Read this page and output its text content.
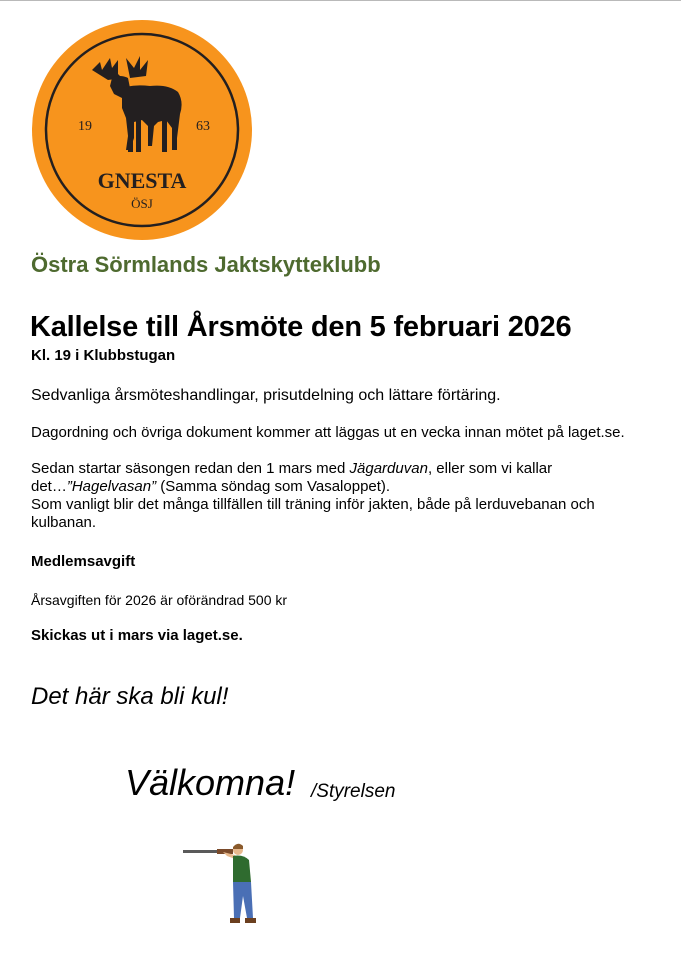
19	63
GNESTA
ÖSJ
Östra Sörmlands Jaktskytteklubb
Kallelse till Årsmöte den 5 februari 2026
Kl. 19 i Klubbstugan
Sedvanliga årsmöteshandlingar, prisutdelning och lättare förtäring.
Dagordning och övriga dokument kommer att läggas ut en vecka innan mötet på laget.se.
Sedan startar säsongen redan den 1 mars med Jägarduvan, eller som vi kallar
det…”Hagelvasan” (Samma söndag som Vasaloppet).
Som vanligt blir det många tillfällen till träning inför jakten, både på lerduvebanan och
kulbanan.
Medlemsavgift
Årsavgiften för 2026 är oförändrad 500 kr
Skickas ut i mars via laget.se.
Det här ska bli kul!
Välkomna! /Styrelsen
